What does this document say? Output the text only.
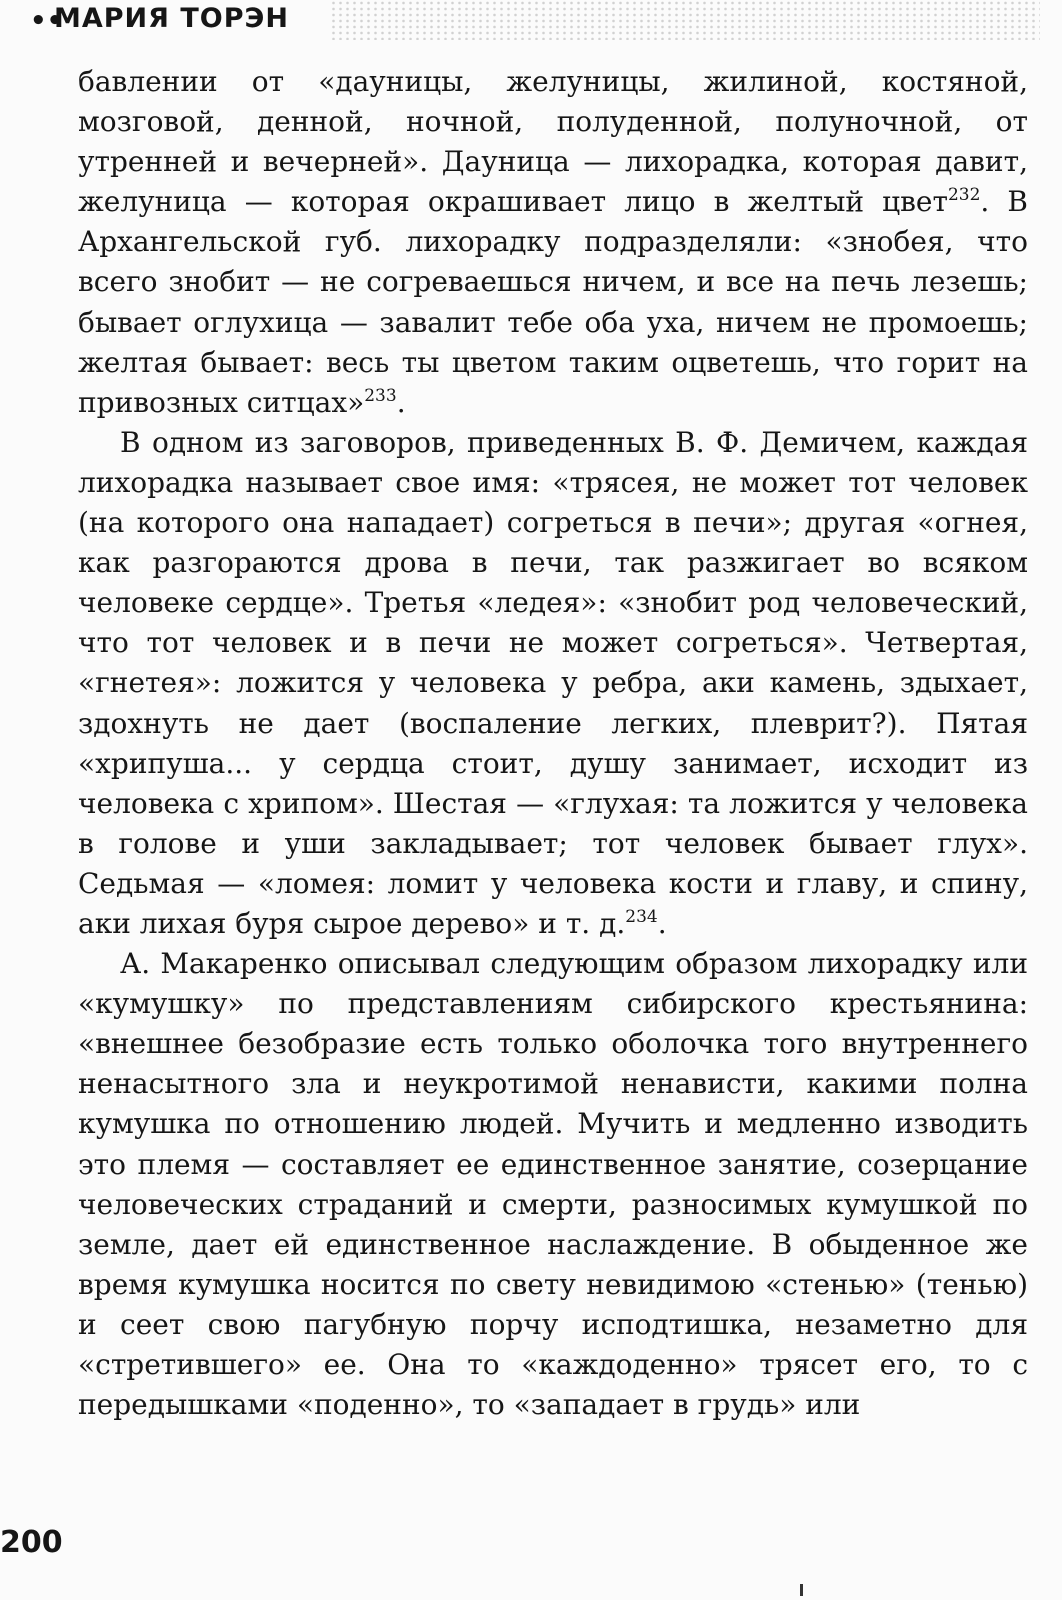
••
МАРИЯ ТОРЭН

бавлении от «дауницы, желуницы, жилиной, костяной, мозговой, денной, ночной, полуденной, полуночной, от утренней и вечерней». Дауница — лихорадка, которая давит, желуница — которая окрашивает лицо в желтый цвет$^{232}$. В Архангельской губ. лихорадку подразделяли: «знобея, что всего знобит — не согреваешься ничем, и все на печь лезешь; бывает оглухица — завалит тебе оба уха, ничем не промоешь; желтая бывает: весь ты цветом таким оцветешь, что горит на привозных ситцах»$^{233}$.

В одном из заговоров, приведенных В. Ф. Демичем, каждая лихорадка называет свое имя: «трясея, не может тот человек (на которого она нападает) согреться в печи»; другая «огнея, как разгораются дрова в печи, так разжигает во всяком человеке сердце». Третья «ледея»: «знобит род человеческий, что тот человек и в печи не может согреться». Четвертая, «гнетея»: ложится у человека у ребра, аки камень, здыхает, здохнуть не дает (воспаление легких, плеврит?). Пятая «хрипуша... у сердца стоит, душу занимает, исходит из человека с хрипом». Шестая — «глухая: та ложится у человека в голове и уши закладывает; тот человек бывает глух». Седьмая — «ломея: ломит у человека кости и главу, и спину, аки лихая буря сырое дерево» и т. д.$^{234}$.

А. Макаренко описывал следующим образом лихорадку или «кумушку» по представлениям сибирского крестьянина: «внешнее безобразие есть только оболочка того внутреннего ненасытного зла и неукротимой ненависти, какими полна кумушка по отношению людей. Мучить и медленно изводить это племя — составляет ее единственное занятие, созерцание человеческих страданий и смерти, разносимых кумушкой по земле, дает ей единственное наслаждение. В обыденное же время кумушка носится по свету невидимою «стенью» (тенью) и сеет свою пагубную порчу исподтишка, незаметно для «стретившего» ее. Она то «каждоденно» трясет его, то с передышками «поденно», то «западает в грудь» или

200
